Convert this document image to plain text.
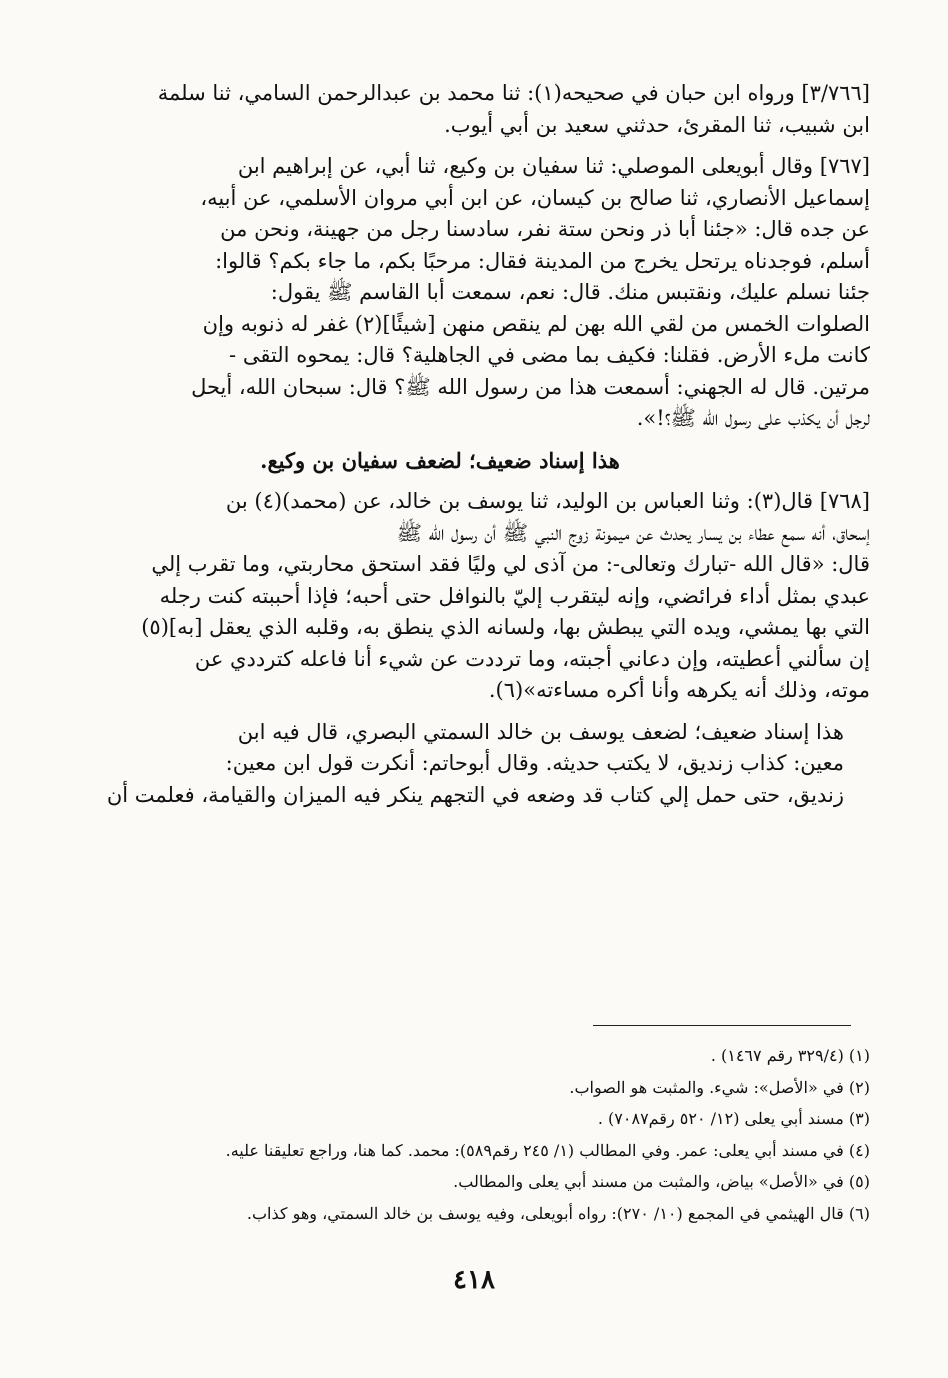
[٣/٧٦٦] ورواه ابن حبان في صحيحه(١): ثنا محمد بن عبدالرحمن السامي، ثنا سلمة
ابن شبيب، ثنا المقرئ، حدثني سعيد بن أبي أيوب.
[٧٦٧] وقال أبويعلى الموصلي: ثنا سفيان بن وكيع، ثنا أبي، عن إبراهيم ابن
إسماعيل الأنصاري، ثنا صالح بن كيسان، عن ابن أبي مروان الأسلمي، عن أبيه،
عن جده قال: «جئنا أبا ذر ونحن ستة نفر، سادسنا رجل من جهينة، ونحن من
أسلم، فوجدناه يرتحل يخرج من المدينة فقال: مرحبًا بكم، ما جاء بكم؟ قالوا:
جئنا نسلم عليك، ونقتبس منك. قال: نعم، سمعت أبا القاسم ﷺ يقول:
الصلوات الخمس من لقي الله بهن لم ينقص منهن [شيئًا](٢) غفر له ذنوبه وإن
كانت ملء الأرض. فقلنا: فكيف بما مضى في الجاهلية؟ قال: يمحوه التقى -
مرتين. قال له الجهني: أسمعت هذا من رسول الله ﷺ؟ قال: سبحان الله، أيحل
لرجل أن يكذب على رسول الله ﷺ؟!».
هذا إسناد ضعيف؛ لضعف سفيان بن وكيع.
[٧٦٨] قال(٣): وثنا العباس بن الوليد، ثنا يوسف بن خالد، عن (محمد)(٤) بن
إسحاق، أنه سمع عطاء بن يسار يحدث عن ميمونة زوج النبي ﷺ أن رسول الله ﷺ
قال: «قال الله -تبارك وتعالى-: من آذى لي وليًا فقد استحق محاربتي، وما تقرب إلي
عبدي بمثل أداء فرائضي، وإنه ليتقرب إليّ بالنوافل حتى أحبه؛ فإذا أحببته كنت رجله
التي بها يمشي، ويده التي يبطش بها، ولسانه الذي ينطق به، وقلبه الذي يعقل [به](٥)
إن سألني أعطيته، وإن دعاني أجبته، وما ترددت عن شيء أنا فاعله كترددي عن
موته، وذلك أنه يكرهه وأنا أكره مساءته»(٦).
هذا إسناد ضعيف؛ لضعف يوسف بن خالد السمتي البصري، قال فيه ابن
معين: كذاب زنديق، لا يكتب حديثه. وقال أبوحاتم: أنكرت قول ابن معين:
زنديق، حتى حمل إلي كتاب قد وضعه في التجهم ينكر فيه الميزان والقيامة، فعلمت أن
(١) (٣٢٩/٤ رقم ١٤٦٧) .
(٢) في «الأصل»: شيء. والمثبت هو الصواب.
(٣) مسند أبي يعلى (١٢/ ٥٢٠ رقم٧٠٨٧) .
(٤) في مسند أبي يعلى: عمر. وفي المطالب (١/ ٢٤٥ رقم٥٨٩): محمد. كما هنا، وراجع تعليقنا عليه.
(٥) في «الأصل» بياض، والمثبت من مسند أبي يعلى والمطالب.
(٦) قال الهيثمي في المجمع (١٠/ ٢٧٠): رواه أبويعلى، وفيه يوسف بن خالد السمتي، وهو كذاب.
٤١٨
